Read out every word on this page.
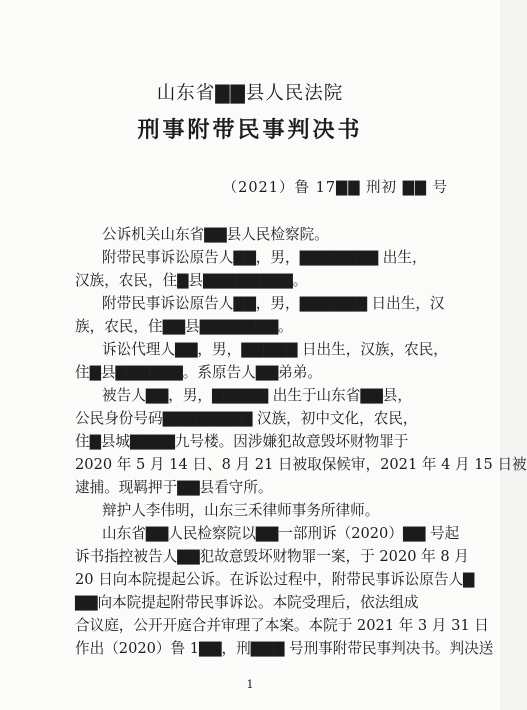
山东省▇▇县人民法院
刑事附带民事判决书
（2021）鲁 17▇▇ 刑初 ▇▇ 号
公诉机关山东省▇▇县人民检察院。
附带民事诉讼原告人▇▇，男，▇▇▇▇▇▇▇ 出生，
汉族，农民，住▇县▇▇▇▇▇▇▇▇。
附带民事诉讼原告人▇▇，男，▇▇▇▇▇▇ 日出生，汉
族，农民，住▇▇县▇▇▇▇▇▇▇。
诉讼代理人▇▇，男，▇▇▇▇▇ 日出生，汉族，农民，
住▇县▇▇▇▇▇▇。系原告人▇▇弟弟。
被告人▇▇，男，▇▇▇▇▇ 出生于山东省▇▇县，
公民身份号码▇▇▇▇▇▇▇▇ 汉族，初中文化，农民，
住▇县城▇▇▇▇九号楼。因涉嫌犯故意毁坏财物罪于
2020 年 5 月 14 日、8 月 21 日被取保候审，2021 年 4 月 15 日被
逮捕。现羁押于▇▇县看守所。
辩护人李伟明，山东三禾律师事务所律师。
山东省▇▇人民检察院以▇▇一部刑诉（2020）▇▇ 号起
诉书指控被告人▇▇犯故意毁坏财物罪一案，于 2020 年 8 月
20 日向本院提起公诉。在诉讼过程中，附带民事诉讼原告人▇
▇▇向本院提起附带民事诉讼。本院受理后，依法组成
合议庭，公开开庭合并审理了本案。本院于 2021 年 3 月 31 日
作出（2020）鲁 1▇▇，刑▇▇▇ 号刑事附带民事判决书。判决送
1
